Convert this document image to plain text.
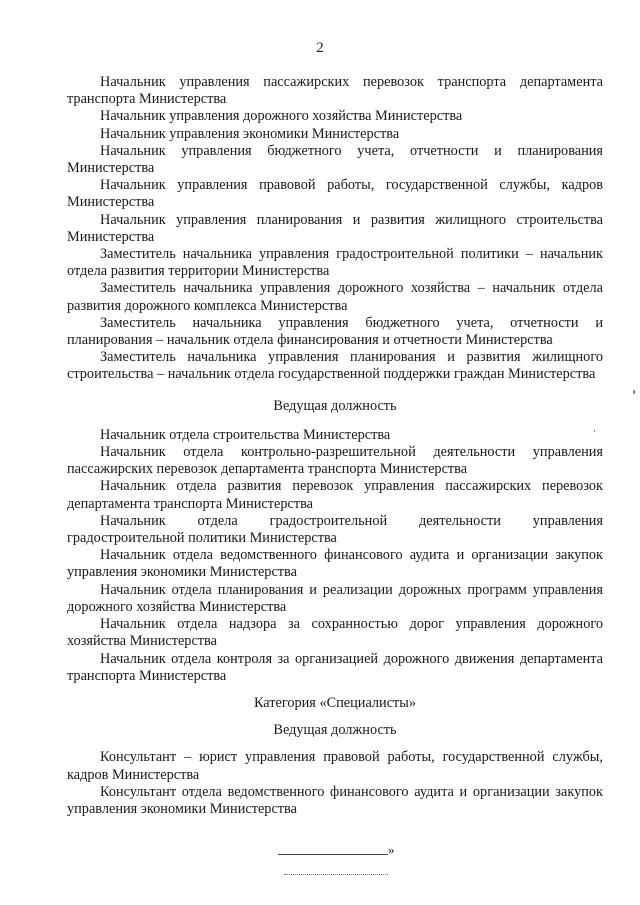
2

Начальник управления пассажирских перевозок транспорта департамента транспорта Министерства

Начальник управления дорожного хозяйства Министерства

Начальник управления экономики Министерства

Начальник управления бюджетного учета, отчетности и планирования Министерства

Начальник управления правовой работы, государственной службы, кадров Министерства

Начальник управления планирования и развития жилищного строительства Министерства

Заместитель начальника управления градостроительной политики – начальник отдела развития территории Министерства

Заместитель начальника управления дорожного хозяйства – начальник отдела развития дорожного комплекса Министерства

Заместитель начальника управления бюджетного учета, отчетности и планирования – начальник отдела финансирования и отчетности Министерства

Заместитель начальника управления планирования и развития жилищного строительства – начальник отдела государственной поддержки граждан Министерства

Ведущая должность

Начальник отдела строительства Министерства

Начальник отдела контрольно-разрешительной деятельности управления пассажирских перевозок департамента транспорта Министерства

Начальник отдела развития перевозок управления пассажирских перевозок департамента транспорта Министерства

Начальник отдела градостроительной деятельности управления градостроительной политики Министерства

Начальник отдела ведомственного финансового аудита и организации закупок управления экономики Министерства

Начальник отдела планирования и реализации дорожных программ управления дорожного хозяйства Министерства

Начальник отдела надзора за сохранностью дорог управления дорожного хозяйства Министерства

Начальник отдела контроля за организацией дорожного движения департамента транспорта Министерства

Категория «Специалисты»

Ведущая должность

Консультант – юрист управления правовой работы, государственной службы, кадров Министерства

Консультант отдела ведомственного финансового аудита и организации закупок управления экономики Министерства

»
